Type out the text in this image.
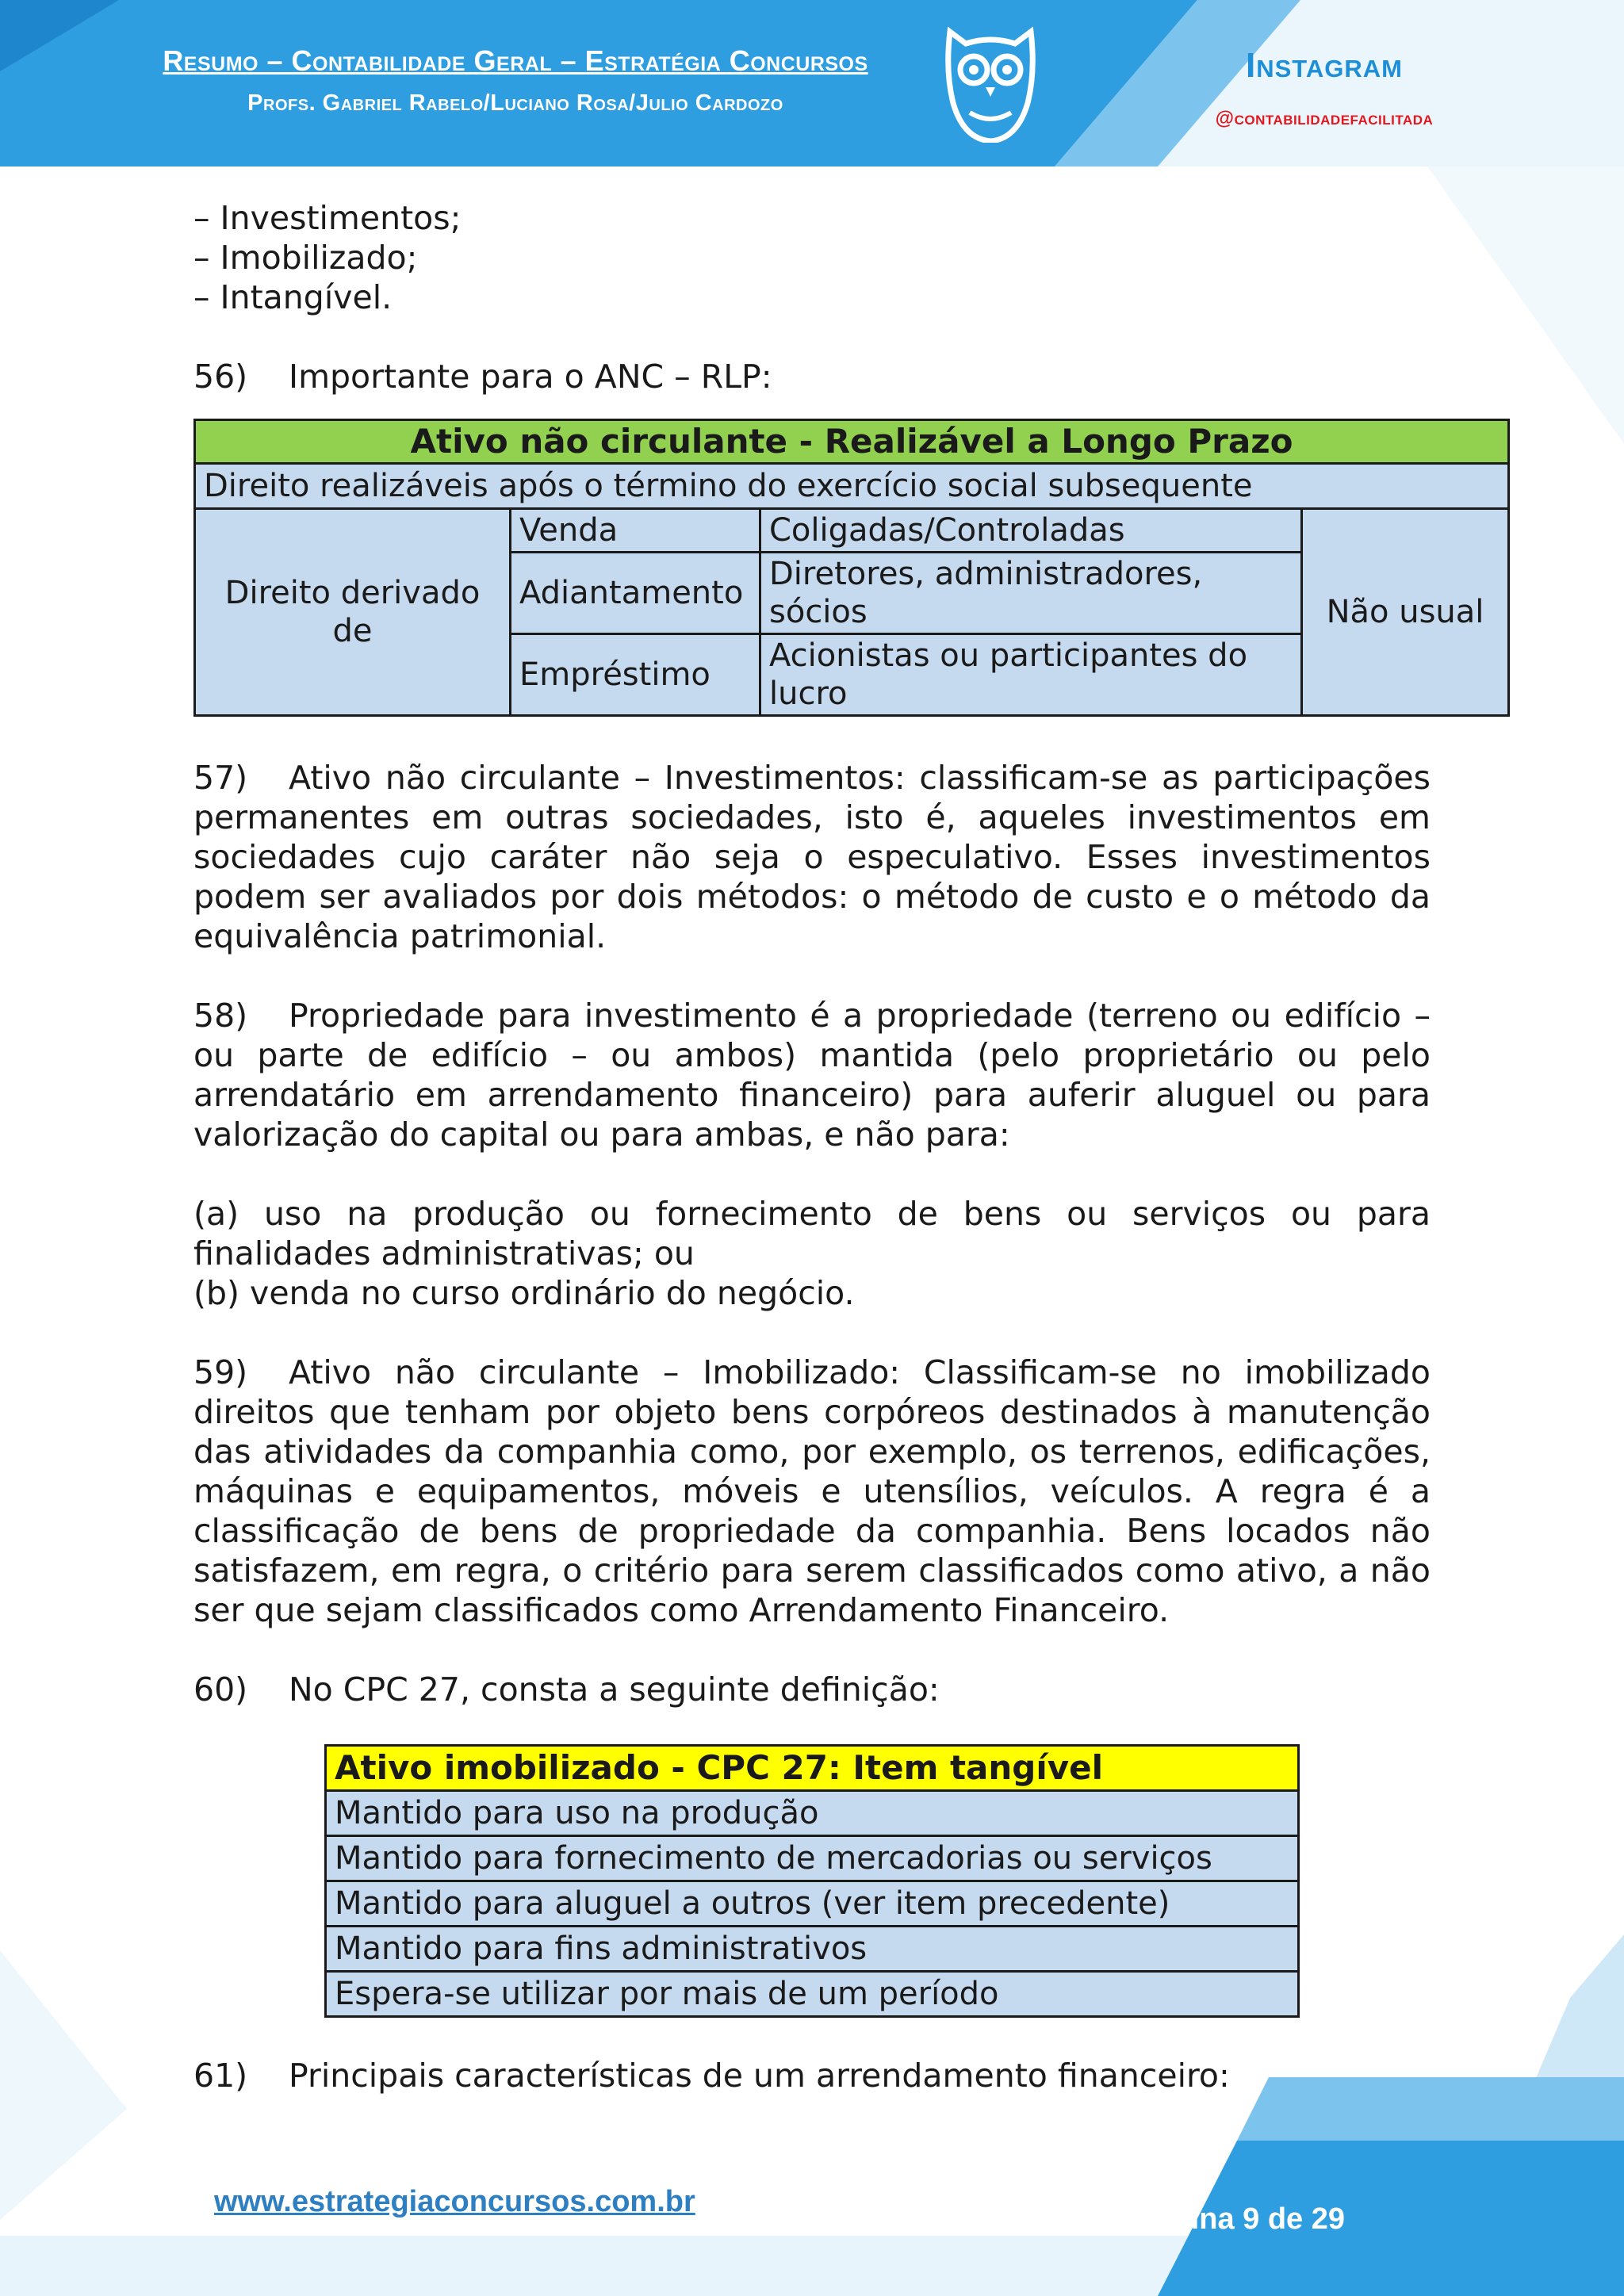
Resumo – Contabilidade Geral – Estratégia Concursos
Profs. Gabriel Rabelo/Luciano Rosa/Julio Cardozo
Instagram
@contabilidadefacilitada
– Investimentos;
– Imobilizado;
– Intangível.

56) Importante para o ANC – RLP:

Ativo não circulante - Realizável a Longo Prazo			
Direito realizáveis após o término do exercício social subsequente			
Direito derivado de	Venda	Coligadas/Controladas	Não usual
	Adiantamento	Diretores, administradores, sócios	
	Empréstimo	Acionistas ou participantes do lucro	

57) Ativo não circulante – Investimentos: classificam-se as participações permanentes em outras sociedades, isto é, aqueles investimentos em sociedades cujo caráter não seja o especulativo. Esses investimentos podem ser avaliados por dois métodos: o método de custo e o método da equivalência patrimonial.

58) Propriedade para investimento é a propriedade (terreno ou edifício – ou parte de edifício – ou ambos) mantida (pelo proprietário ou pelo arrendatário em arrendamento financeiro) para auferir aluguel ou para valorização do capital ou para ambas, e não para:

(a) uso na produção ou fornecimento de bens ou serviços ou para finalidades administrativas; ou

(b) venda no curso ordinário do negócio.

59) Ativo não circulante – Imobilizado: Classificam-se no imobilizado direitos que tenham por objeto bens corpóreos destinados à manutenção das atividades da companhia como, por exemplo, os terrenos, edificações, máquinas e equipamentos, móveis e utensílios, veículos. A regra é a classificação de bens de propriedade da companhia. Bens locados não satisfazem, em regra, o critério para serem classificados como ativo, a não ser que sejam classificados como Arrendamento Financeiro.

60) No CPC 27, consta a seguinte definição:

Ativo imobilizado - CPC 27: Item tangível
Mantido para uso na produção
Mantido para fornecimento de mercadorias ou serviços
Mantido para aluguel a outros (ver item precedente)
Mantido para fins administrativos
Espera-se utilizar por mais de um período

61) Principais características de um arrendamento financeiro:

www.estrategiaconcursos.com.br
Página 9 de 29
